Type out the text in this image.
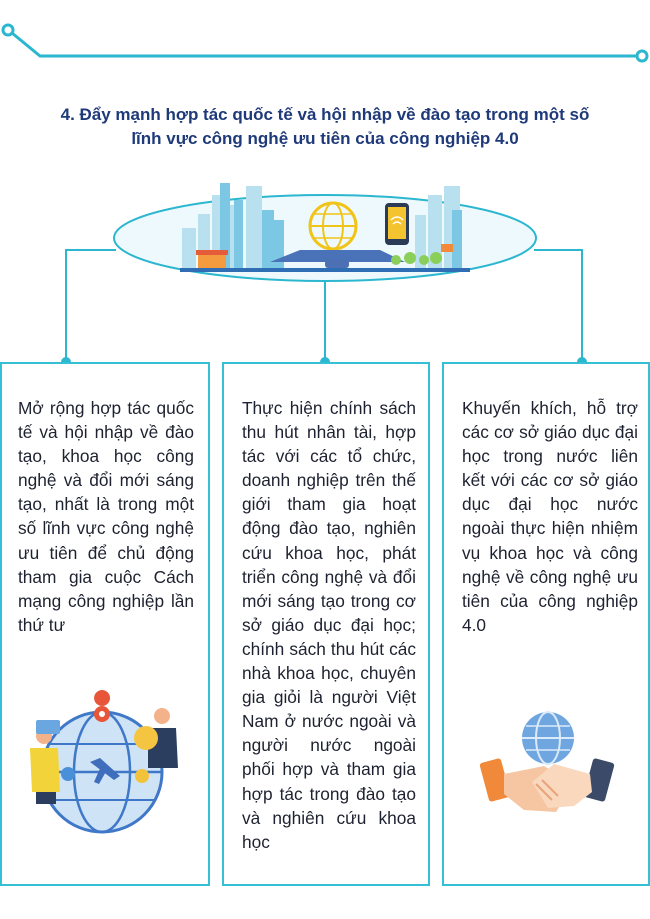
4. Đẩy mạnh hợp tác quốc tế và hội nhập về đào tạo trong một số
lĩnh vực công nghệ ưu tiên của công nghiệp 4.0
Mở rộng hợp tác quốc tế và hội nhập về đào tạo, khoa học công nghệ và đổi mới sáng tạo, nhất là trong một số lĩnh vực công nghệ ưu tiên để chủ động tham gia cuộc Cách mạng công nghiệp lần thứ tư
Thực hiện chính sách thu hút nhân tài, hợp tác với các tổ chức, doanh nghiệp trên thế giới tham gia hoạt động đào tạo, nghiên cứu khoa học, phát triển công nghệ và đổi mới sáng tạo trong cơ sở giáo dục đại học; chính sách thu hút các nhà khoa học, chuyên gia giỏi là người Việt Nam ở nước ngoài và người nước ngoài phối hợp và tham gia hợp tác trong đào tạo và nghiên cứu khoa học
Khuyến khích, hỗ trợ các cơ sở giáo dục đại học trong nước liên kết với các cơ sở giáo dục đại học nước ngoài thực hiện nhiệm vụ khoa học và công nghệ về công nghệ ưu tiên của công nghiệp 4.0
